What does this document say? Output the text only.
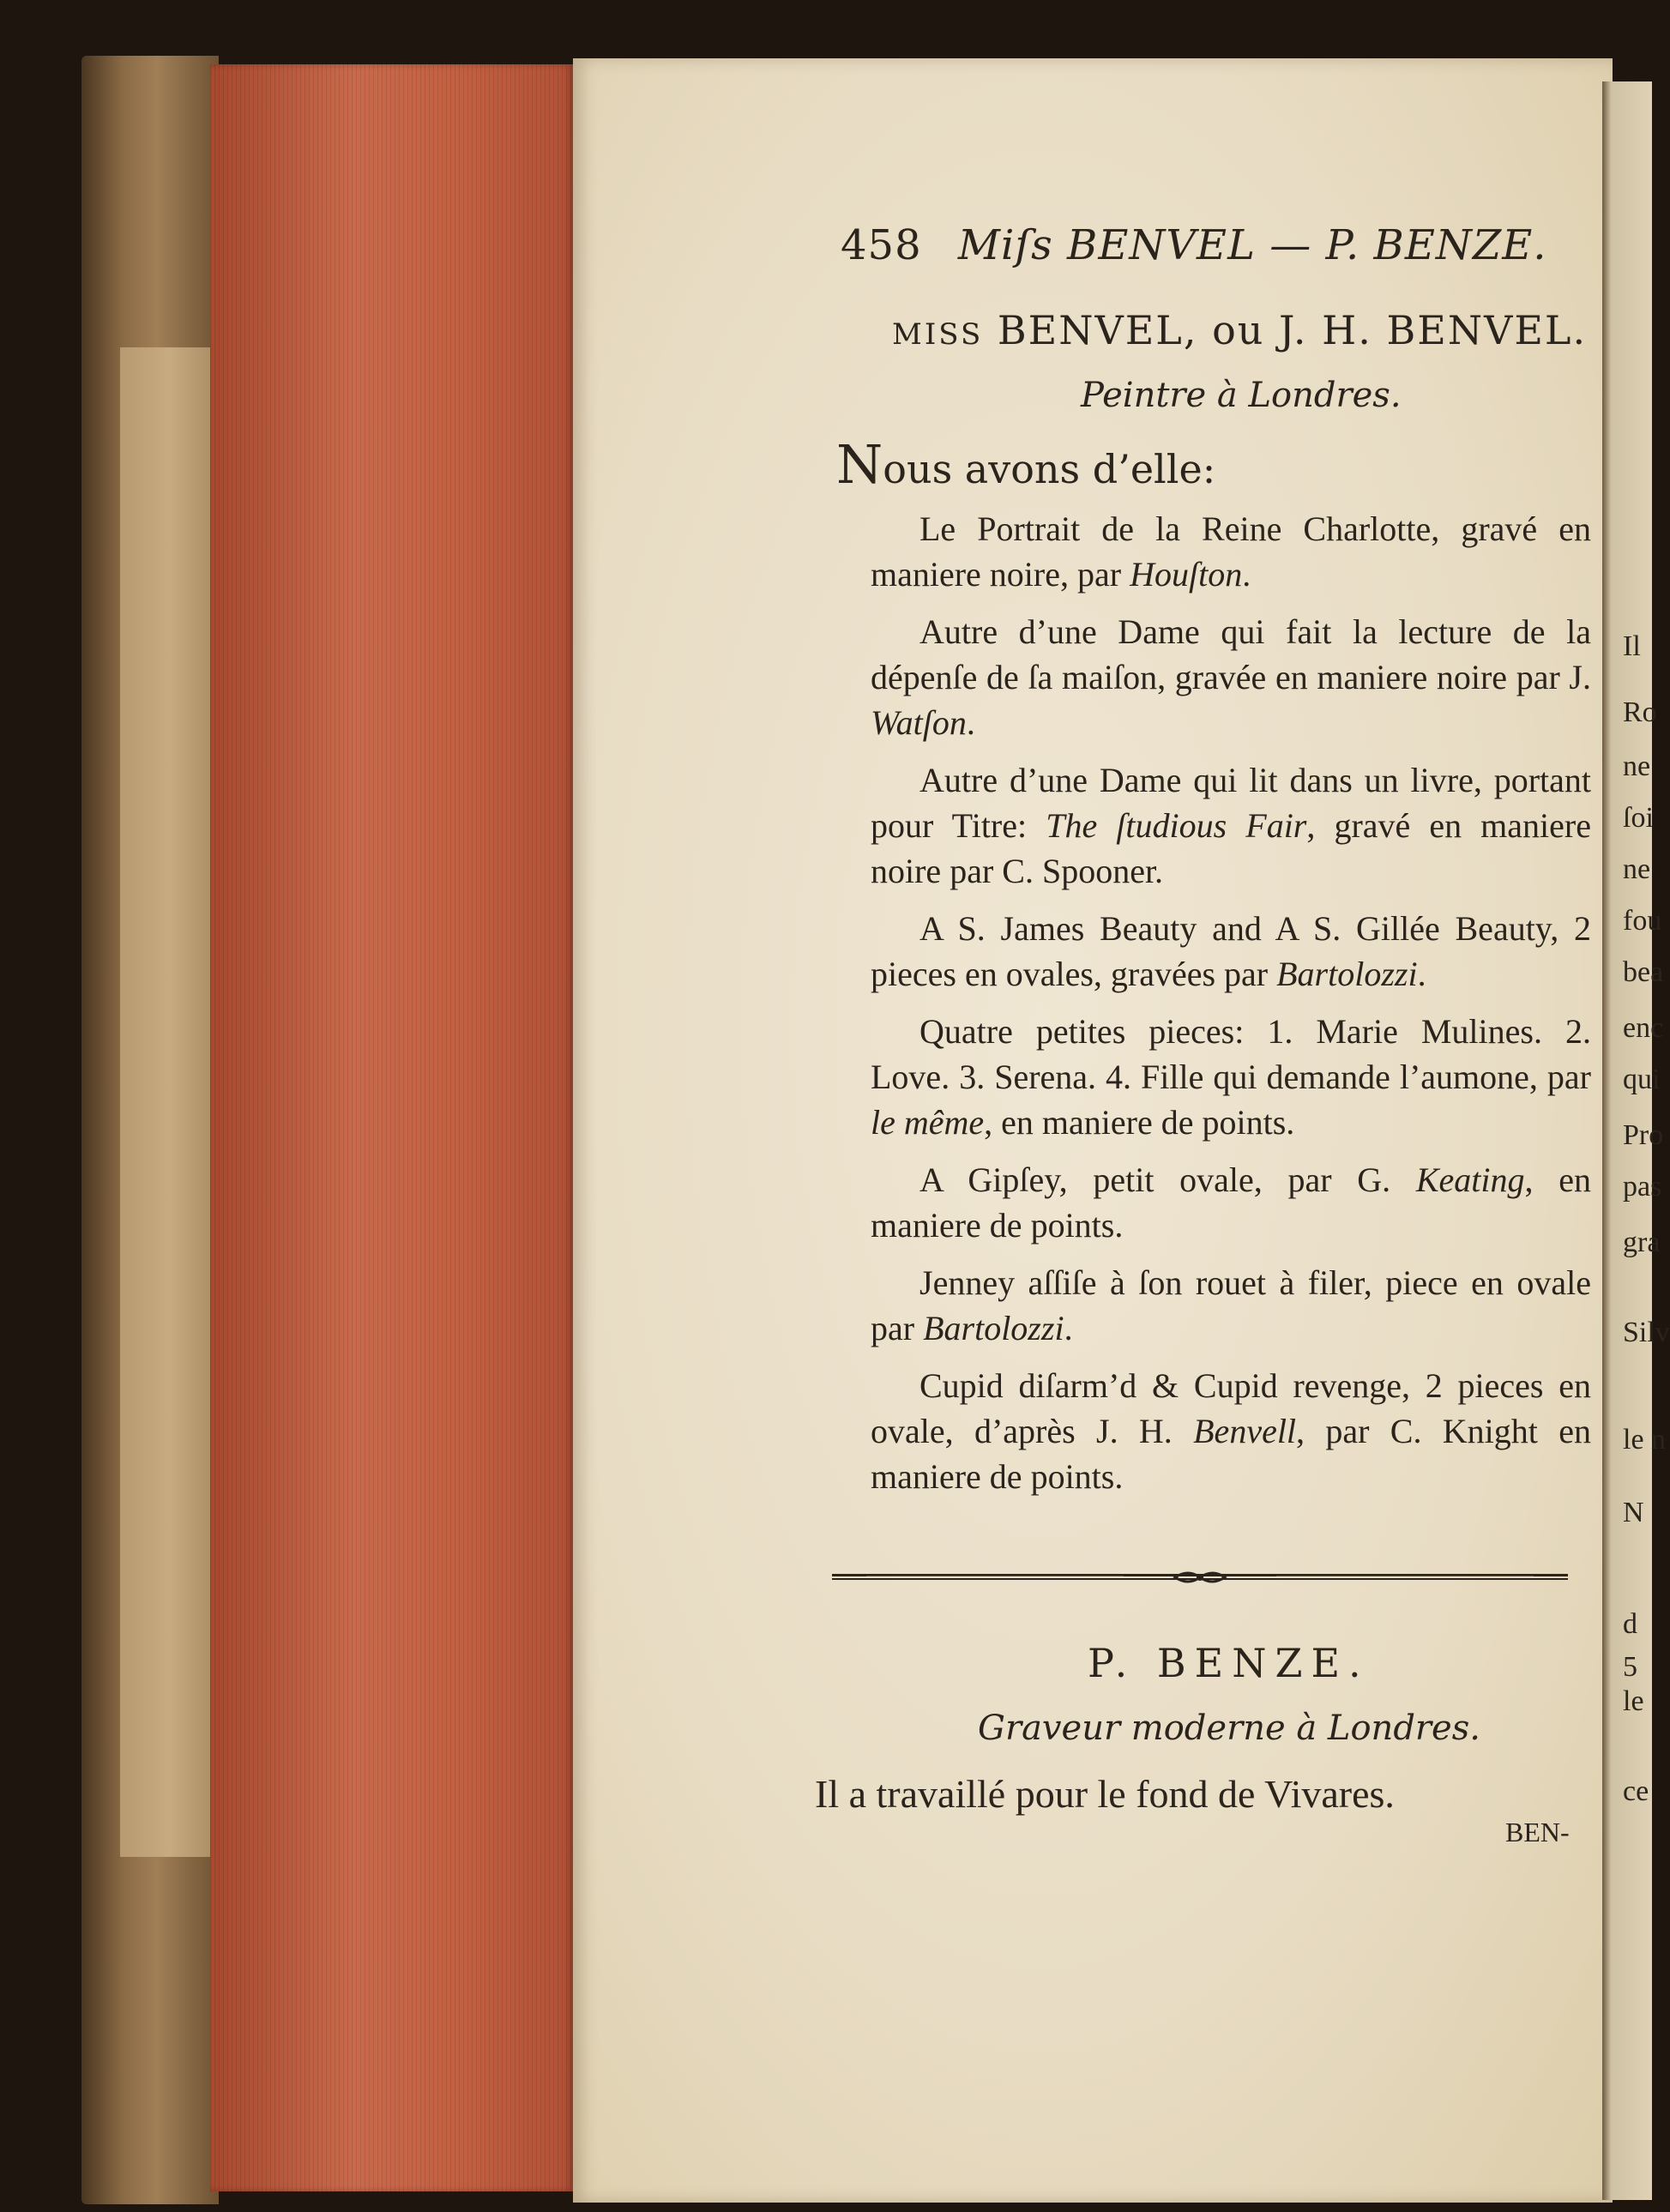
Il
Ro
ne
ſoi
ne
fou
bea
enc
qui
Pro
pas
gra
Silv
le n
N
d
5
le
ce
458 Miſs BENVEL — P. BENZE.
MISS BENVEL, ou J. H. BENVEL.
Peintre à Londres.
Nous avons d’elle:

Le Portrait de la Reine Charlotte, gravé en maniere noire, par Houſton.

Autre d’une Dame qui fait la lecture de la dépenſe de ſa maiſon, gravée en maniere noire par J. Watſon.

Autre d’une Dame qui lit dans un livre, portant pour Titre: The ſtudious Fair, gravé en maniere noire par C. Spooner.

A S. James Beauty and A S. Gillée Beauty, 2 pieces en ovales, gravées par Bartolozzi.

Quatre petites pieces: 1. Marie Mulines. 2. Love. 3. Serena. 4. Fille qui demande l’aumone, par le même, en maniere de points.

A Gipſey, petit ovale, par G. Keating, en maniere de points.

Jenney aſſiſe à ſon rouet à filer, piece en ovale par Bartolozzi.

Cupid diſarm’d & Cupid revenge, 2 pieces en ovale, d’après J. H. Benvell, par C. Knight en maniere de points.

P. BENZE.
Graveur moderne à Londres.
Il a travaillé pour le fond de Vivares.
BEN-
